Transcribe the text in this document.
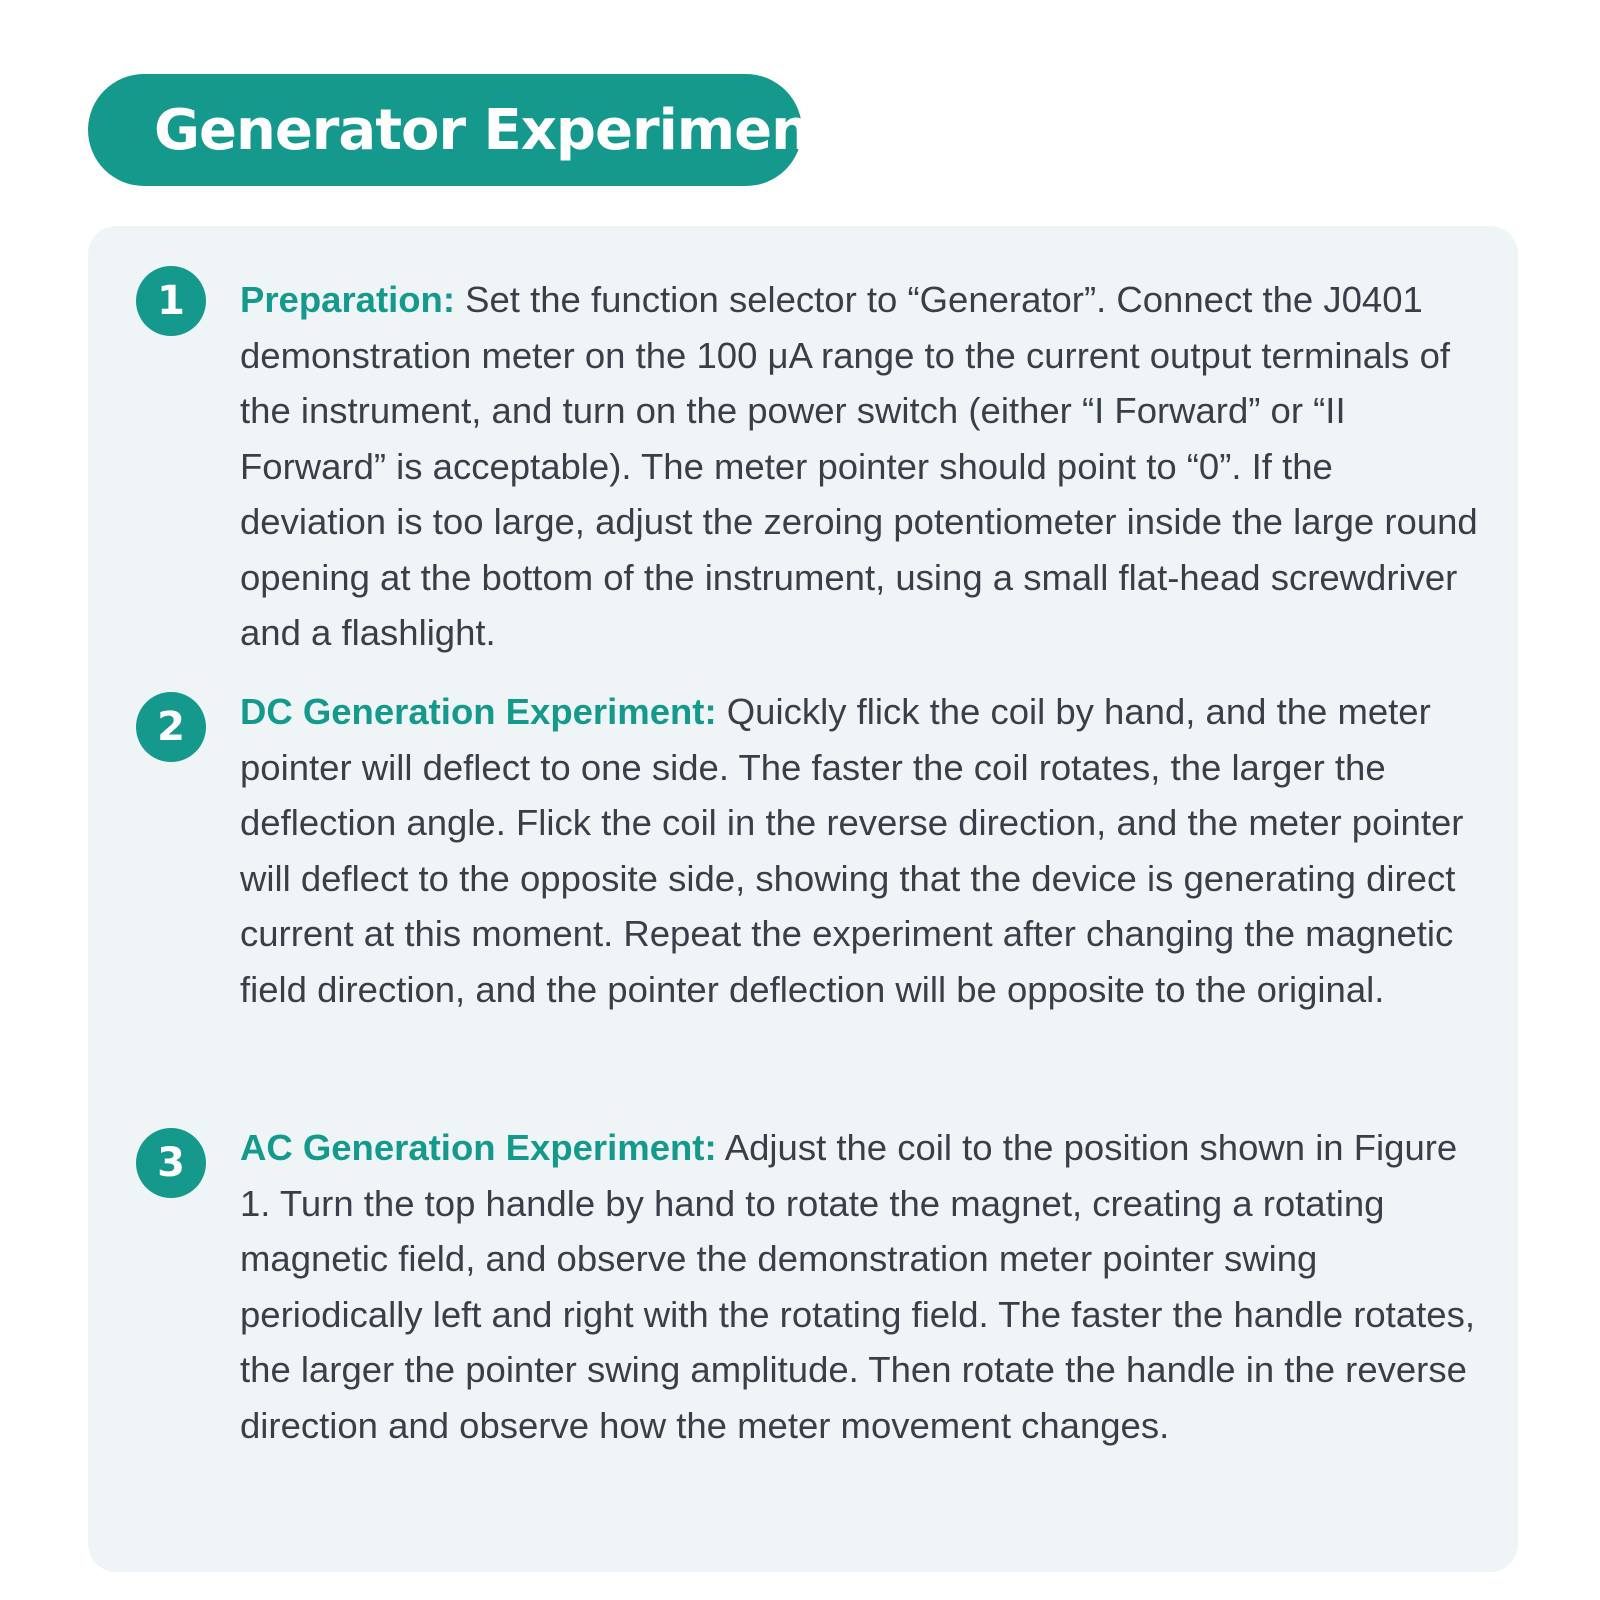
Generator Experiment
1	Preparation: Set the function selector to “Generator”. Connect the J0401 demonstration meter on the 100 μA range to the current output terminals of the instrument, and turn on the power switch (either “I Forward” or “II Forward” is acceptable). The meter pointer should point to “0”. If the deviation is too large, adjust the zeroing potentiometer inside the large round opening at the bottom of the instrument, using a small flat-head screwdriver and a flashlight.
2	DC Generation Experiment: Quickly flick the coil by hand, and the meter pointer will deflect to one side. The faster the coil rotates, the larger the deflection angle. Flick the coil in the reverse direction, and the meter pointer will deflect to the opposite side, showing that the device is generating direct current at this moment. Repeat the experiment after changing the magnetic field direction, and the pointer deflection will be opposite to the original.
3	AC Generation Experiment: Adjust the coil to the position shown in Figure 1. Turn the top handle by hand to rotate the magnet, creating a rotating magnetic field, and observe the demonstration meter pointer swing periodically left and right with the rotating field. The faster the handle rotates, the larger the pointer swing amplitude. Then rotate the handle in the reverse direction and observe how the meter movement changes.
